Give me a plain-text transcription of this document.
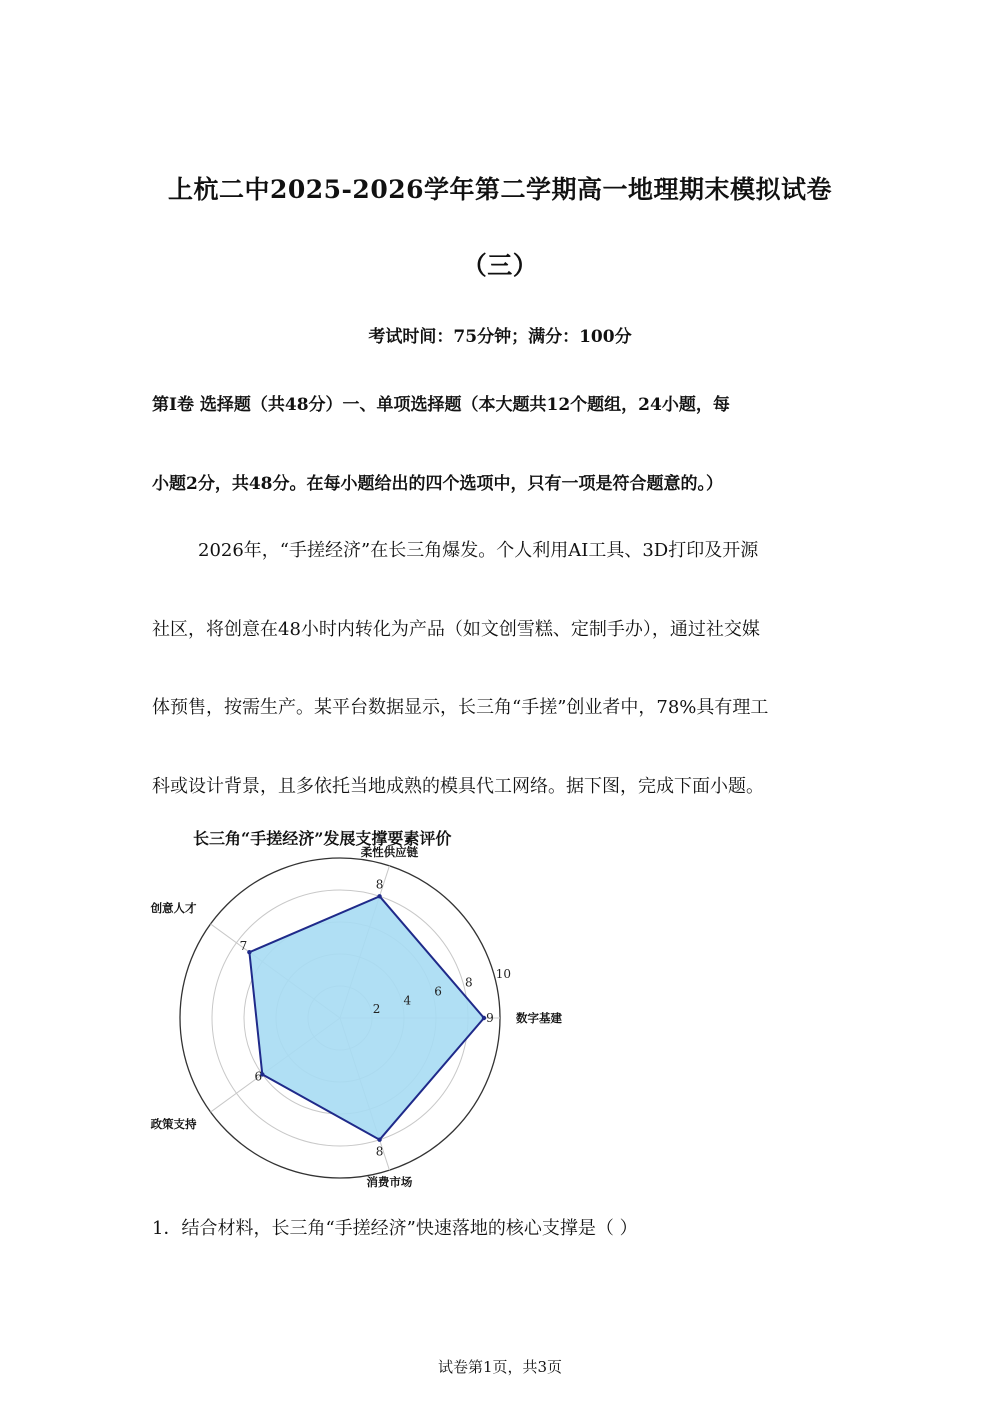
上杭二中2025-2026学年第二学期高一地理期末模拟试卷
（三）
考试时间：75分钟；满分：100分
第Ⅰ卷 选择题（共48分）一、单项选择题（本大题共12个题组，24小题，每
小题2分，共48分。在每小题给出的四个选项中，只有一项是符合题意的。）
2026年，“手搓经济”在长三角爆发。个人利用AI工具、3D打印及开源
社区，将创意在48小时内转化为产品（如文创雪糕、定制手办），通过社交媒
体预售，按需生产。某平台数据显示，长三角“手搓”创业者中，78%具有理工
科或设计背景，且多依托当地成熟的模具代工网络。据下图，完成下面小题。
长三角“手搓经济”发展支撑要素评价
2
4
6
8
10
8
9
8
6
7
柔性供应链
数字基建
消费市场
政策支持
创意人才
1．结合材料，长三角“手搓经济”快速落地的核心支撑是（ ）
试卷第1页，共3页
